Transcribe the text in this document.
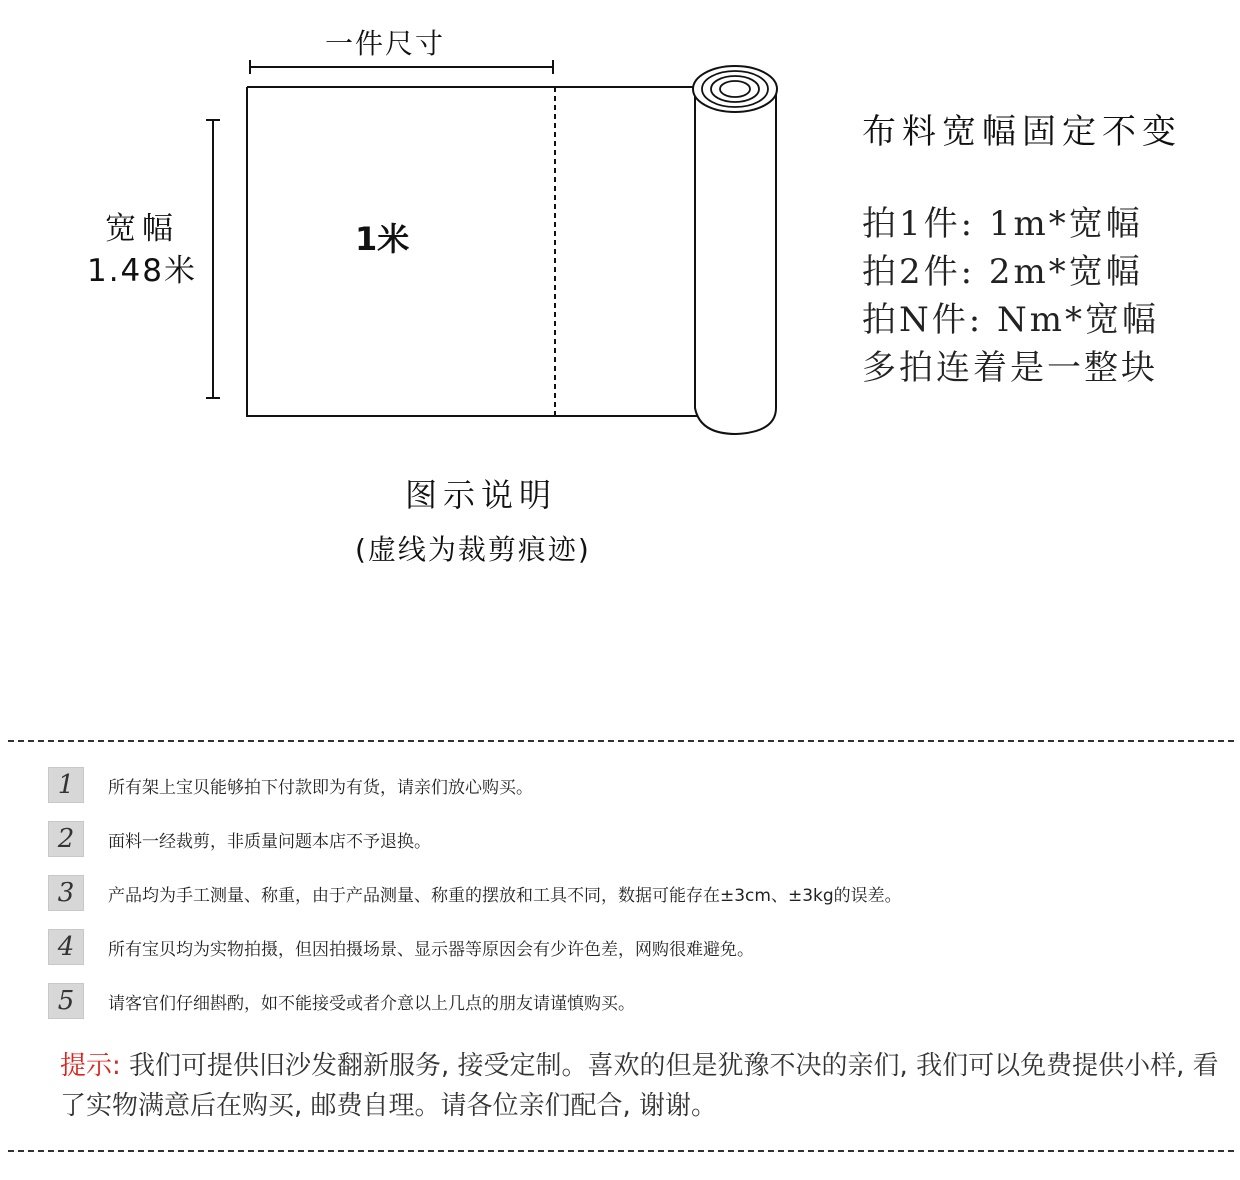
一件尺寸
宽幅
1.48米
1米
图示说明
(虚线为裁剪痕迹)
布料宽幅固定不变
拍1件: 1m*宽幅
拍2件: 2m*宽幅
拍N件: Nm*宽幅
多拍连着是一整块
1	所有架上宝贝能够拍下付款即为有货，请亲们放心购买。
2	面料一经裁剪，非质量问题本店不予退换。
3	产品均为手工测量、称重，由于产品测量、称重的摆放和工具不同，数据可能存在±3cm、±3kg的误差。
4	所有宝贝均为实物拍摄，但因拍摄场景、显示器等原因会有少许色差，网购很难避免。
5	请客官们仔细斟酌，如不能接受或者介意以上几点的朋友请谨慎购买。
提示: 我们可提供旧沙发翻新服务, 接受定制。喜欢的但是犹豫不决的亲们, 我们可以免费提供小样, 看了实物满意后在购买, 邮费自理。请各位亲们配合, 谢谢。
